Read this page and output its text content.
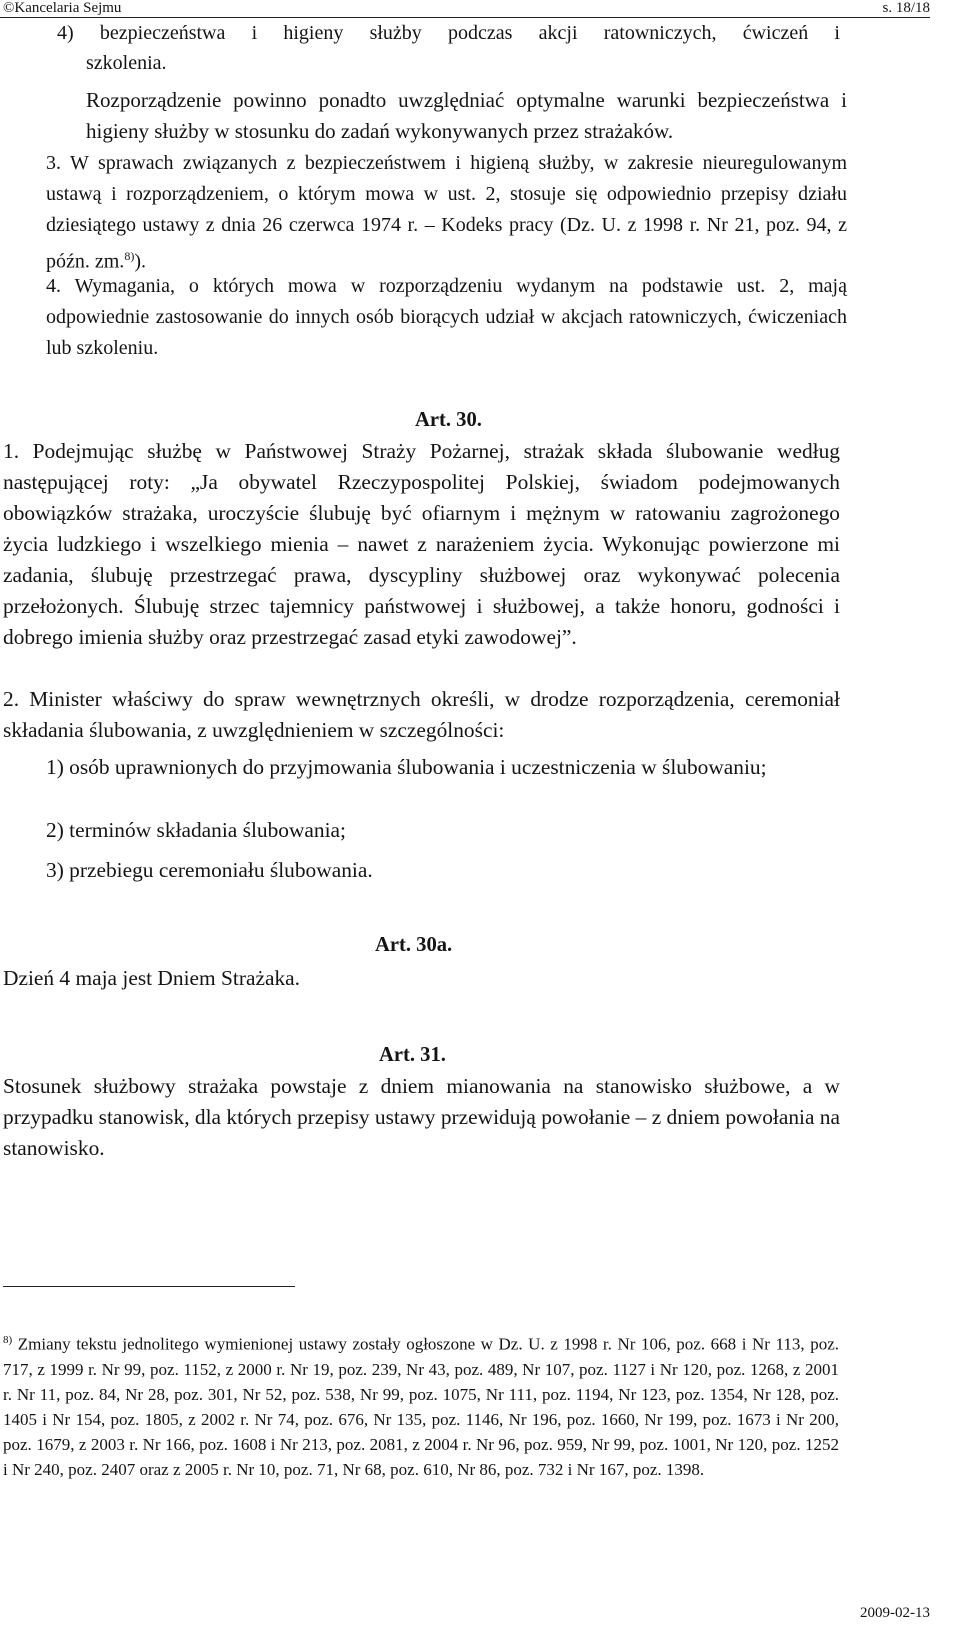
©Kancelaria Sejmu	s. 18/18
4) bezpieczeństwa i higieny służby podczas akcji ratowniczych, ćwiczeń i
szkolenia.
Rozporządzenie powinno ponadto uwzględniać optymalne warunki bezpieczeństwa i higieny służby w stosunku do zadań wykonywanych przez strażaków.
3. W sprawach związanych z bezpieczeństwem i higieną służby, w zakresie nieuregulowanym ustawą i rozporządzeniem, o którym mowa w ust. 2, stosuje się odpowiednio przepisy działu dziesiątego ustawy z dnia 26 czerwca 1974 r. – Kodeks pracy (Dz. U. z 1998 r. Nr 21, poz. 94, z późn. zm.$^{8)}$).
4. Wymagania, o których mowa w rozporządzeniu wydanym na podstawie ust. 2, mają odpowiednie zastosowanie do innych osób biorących udział w akcjach ratowniczych, ćwiczeniach lub szkoleniu.
Art. 30.
1. Podejmując służbę w Państwowej Straży Pożarnej, strażak składa ślubowanie według następującej roty: „Ja obywatel Rzeczypospolitej Polskiej, świadom podejmowanych obowiązków strażaka, uroczyście ślubuję być ofiarnym i mężnym w ratowaniu zagrożonego życia ludzkiego i wszelkiego mienia – nawet z narażeniem życia. Wykonując powierzone mi zadania, ślubuję przestrzegać prawa, dyscypliny służbowej oraz wykonywać polecenia przełożonych. Ślubuję strzec tajemnicy państwowej i służbowej, a także honoru, godności i dobrego imienia służby oraz przestrzegać zasad etyki zawodowej”.
2. Minister właściwy do spraw wewnętrznych określi, w drodze rozporządzenia, ceremoniał składania ślubowania, z uwzględnieniem w szczególności:
1) osób uprawnionych do przyjmowania ślubowania i uczestniczenia w ślubowaniu;
2) terminów składania ślubowania;
3) przebiegu ceremoniału ślubowania.
Art. 30a.
Dzień 4 maja jest Dniem Strażaka.
Art. 31.
Stosunek służbowy strażaka powstaje z dniem mianowania na stanowisko służbowe, a w przypadku stanowisk, dla których przepisy ustawy przewidują powołanie – z dniem powołania na stanowisko.
$^{8)}$ Zmiany tekstu jednolitego wymienionej ustawy zostały ogłoszone w Dz. U. z 1998 r. Nr 106, poz. 668 i Nr 113, poz. 717, z 1999 r. Nr 99, poz. 1152, z 2000 r. Nr 19, poz. 239, Nr 43, poz. 489, Nr 107, poz. 1127 i Nr 120, poz. 1268, z 2001 r. Nr 11, poz. 84, Nr 28, poz. 301, Nr 52, poz. 538, Nr 99, poz. 1075, Nr 111, poz. 1194, Nr 123, poz. 1354, Nr 128, poz. 1405 i Nr 154, poz. 1805, z 2002 r. Nr 74, poz. 676, Nr 135, poz. 1146, Nr 196, poz. 1660, Nr 199, poz. 1673 i Nr 200, poz. 1679, z 2003 r. Nr 166, poz. 1608 i Nr 213, poz. 2081, z 2004 r. Nr 96, poz. 959, Nr 99, poz. 1001, Nr 120, poz. 1252 i Nr 240, poz. 2407 oraz z 2005 r. Nr 10, poz. 71, Nr 68, poz. 610, Nr 86, poz. 732 i Nr 167, poz. 1398.
2009-02-13
